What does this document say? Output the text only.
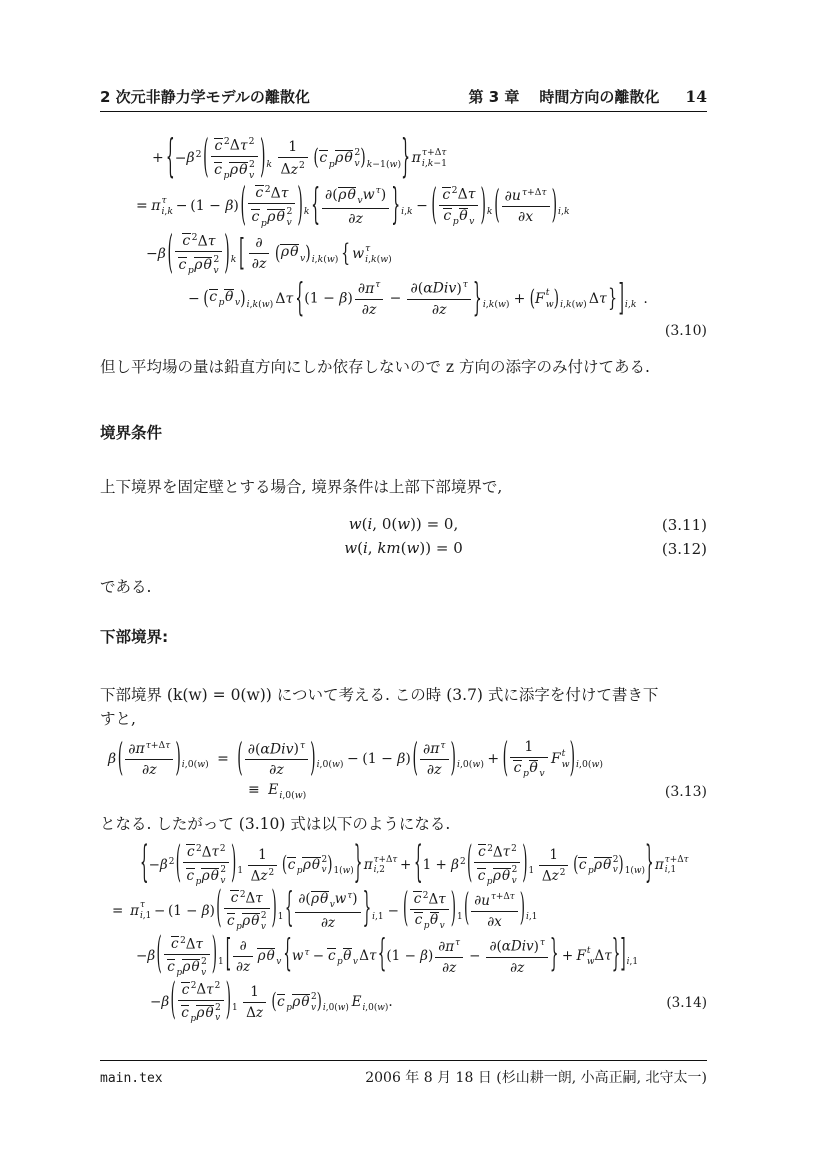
2 次元非静力学モデルの離散化	第 3 章 時間方向の離散化 14
+ { $-\beta^2$ ( c $^2\Delta\tau^2$
c $_p$ρθ 2
v ) $_k \frac{1}{\Delta z^2}$ ( c $_p$ρθ 2
v ) $_{k-1(w)}$ } π τ+Δτ
i,k−1
= π τ
i,k − (1 − β) ( c $^2$Δτ
c $_p$ρθ 2
v ) $_k$ { $\frac{\partial(\rho\theta _vw^\tau)}{\partial z}$ } $_{i,k}$ − ( $\frac{c ^2\Delta\tau}{c _p\theta _v}$ ) $_k$ ( $\frac{\partial u^{\tau+\Delta\tau}}{\partial x}$ ) $_{i,k}$
−β ( c $^2$Δτ
c $_p$ρθ 2
v ) $_k$ [ $\frac{\partial}{\partial z}$ ( ρθ $_v$ ) $_{i,k(w)}$ { w τ
i,k(w)
− ( c $_p$θ $_v$ ) $_{i,k(w)}$ Δτ { $(1 - \beta) \frac{\partial\pi^\tau}{\partial z} - \frac{\partial(\alpha Div)^\tau}{\partial z}$ } $_{i,k(w)}$ + ( F t
w ) $_{i,k(w)}$ $\Delta\tau\}]_{i,k}$ .
(3.10)
但し平均場の量は鉛直方向にしか依存しないので z 方向の添字のみ付けてある.
境界条件
上下境界を固定壁とする場合, 境界条件は上部下部境界で,
w(i, 0(w)) = 0,	(3.11)
w(i, km(w)) = 0	(3.12)
である.
下部境界:
下部境界 (k(w) = 0(w)) について考える. この時 (3.7) 式に添字を付けて書き下
すと,
β ( $\frac{\partial\pi^{\tau+\Delta\tau}}{\partial z}$ ) $_{i,0(w)}$ = ( $\frac{\partial(\alpha Div)^\tau}{\partial z}$ ) $_{i,0(w)}$ − (1 − β) ( $\frac{\partial\pi^\tau}{\partial z}$ ) $_{i,0(w)}$ + ( $\frac{1}{c _p\theta _v}$ F t
w ) $_{i,0(w)}$
≡ $E_{i,0(w)}$	(3.13)
となる. したがって (3.10) 式は以下のようになる.
{ $-\beta^2$ ( c $^2\Delta\tau^2$
c $_p$ρθ 2
v ) $_1 \frac{1}{\Delta z^2}$ ( c $_p$ρθ 2
v ) $_{1(w)}$ } π τ+Δτ
i,2 + { $1 + \beta^2$ ( c $^2\Delta\tau^2$
c $_p$ρθ 2
v ) $_1 \frac{1}{\Delta z^2}$ ( c $_p$ρθ 2
v ) $_{1(w)}$ } π τ+Δτ
i,1
= π τ
i,1 − (1 − β) ( c $^2$Δτ
c $_p$ρθ 2
v ) $_1$ { $\frac{\partial(\rho\theta _vw^\tau)}{\partial z}$ } $_{i,1}$ − ( $\frac{c ^2\Delta\tau}{c _p\theta _v}$ ) $_1$ ( $\frac{\partial u^{\tau+\Delta\tau}}{\partial x}$ ) $_{i,1}$
−β ( c $^2$Δτ
c $_p$ρθ 2
v ) $_1$ [ $\frac{\partial}{\partial z}$ ρθ $_v$ { $w^\tau - c$ $_p$θ $_v$Δτ { $(1 - \beta) \frac{\partial\pi^\tau}{\partial z} - \frac{\partial(\alpha Div)^\tau}{\partial z}$ } + F t
w Δτ } ] $_{i,1}$
−β ( c $^2\Delta\tau^2$
c $_p$ρθ 2
v ) $_1 \frac{1}{\Delta z}$ ( c $_p$ρθ 2
v ) $_{i,0(w)}$ $E_{i,0(w)}$.	(3.14)
main.tex	2006 年 8 月 18 日 (杉山耕一朗, 小高正嗣, 北守太一)
